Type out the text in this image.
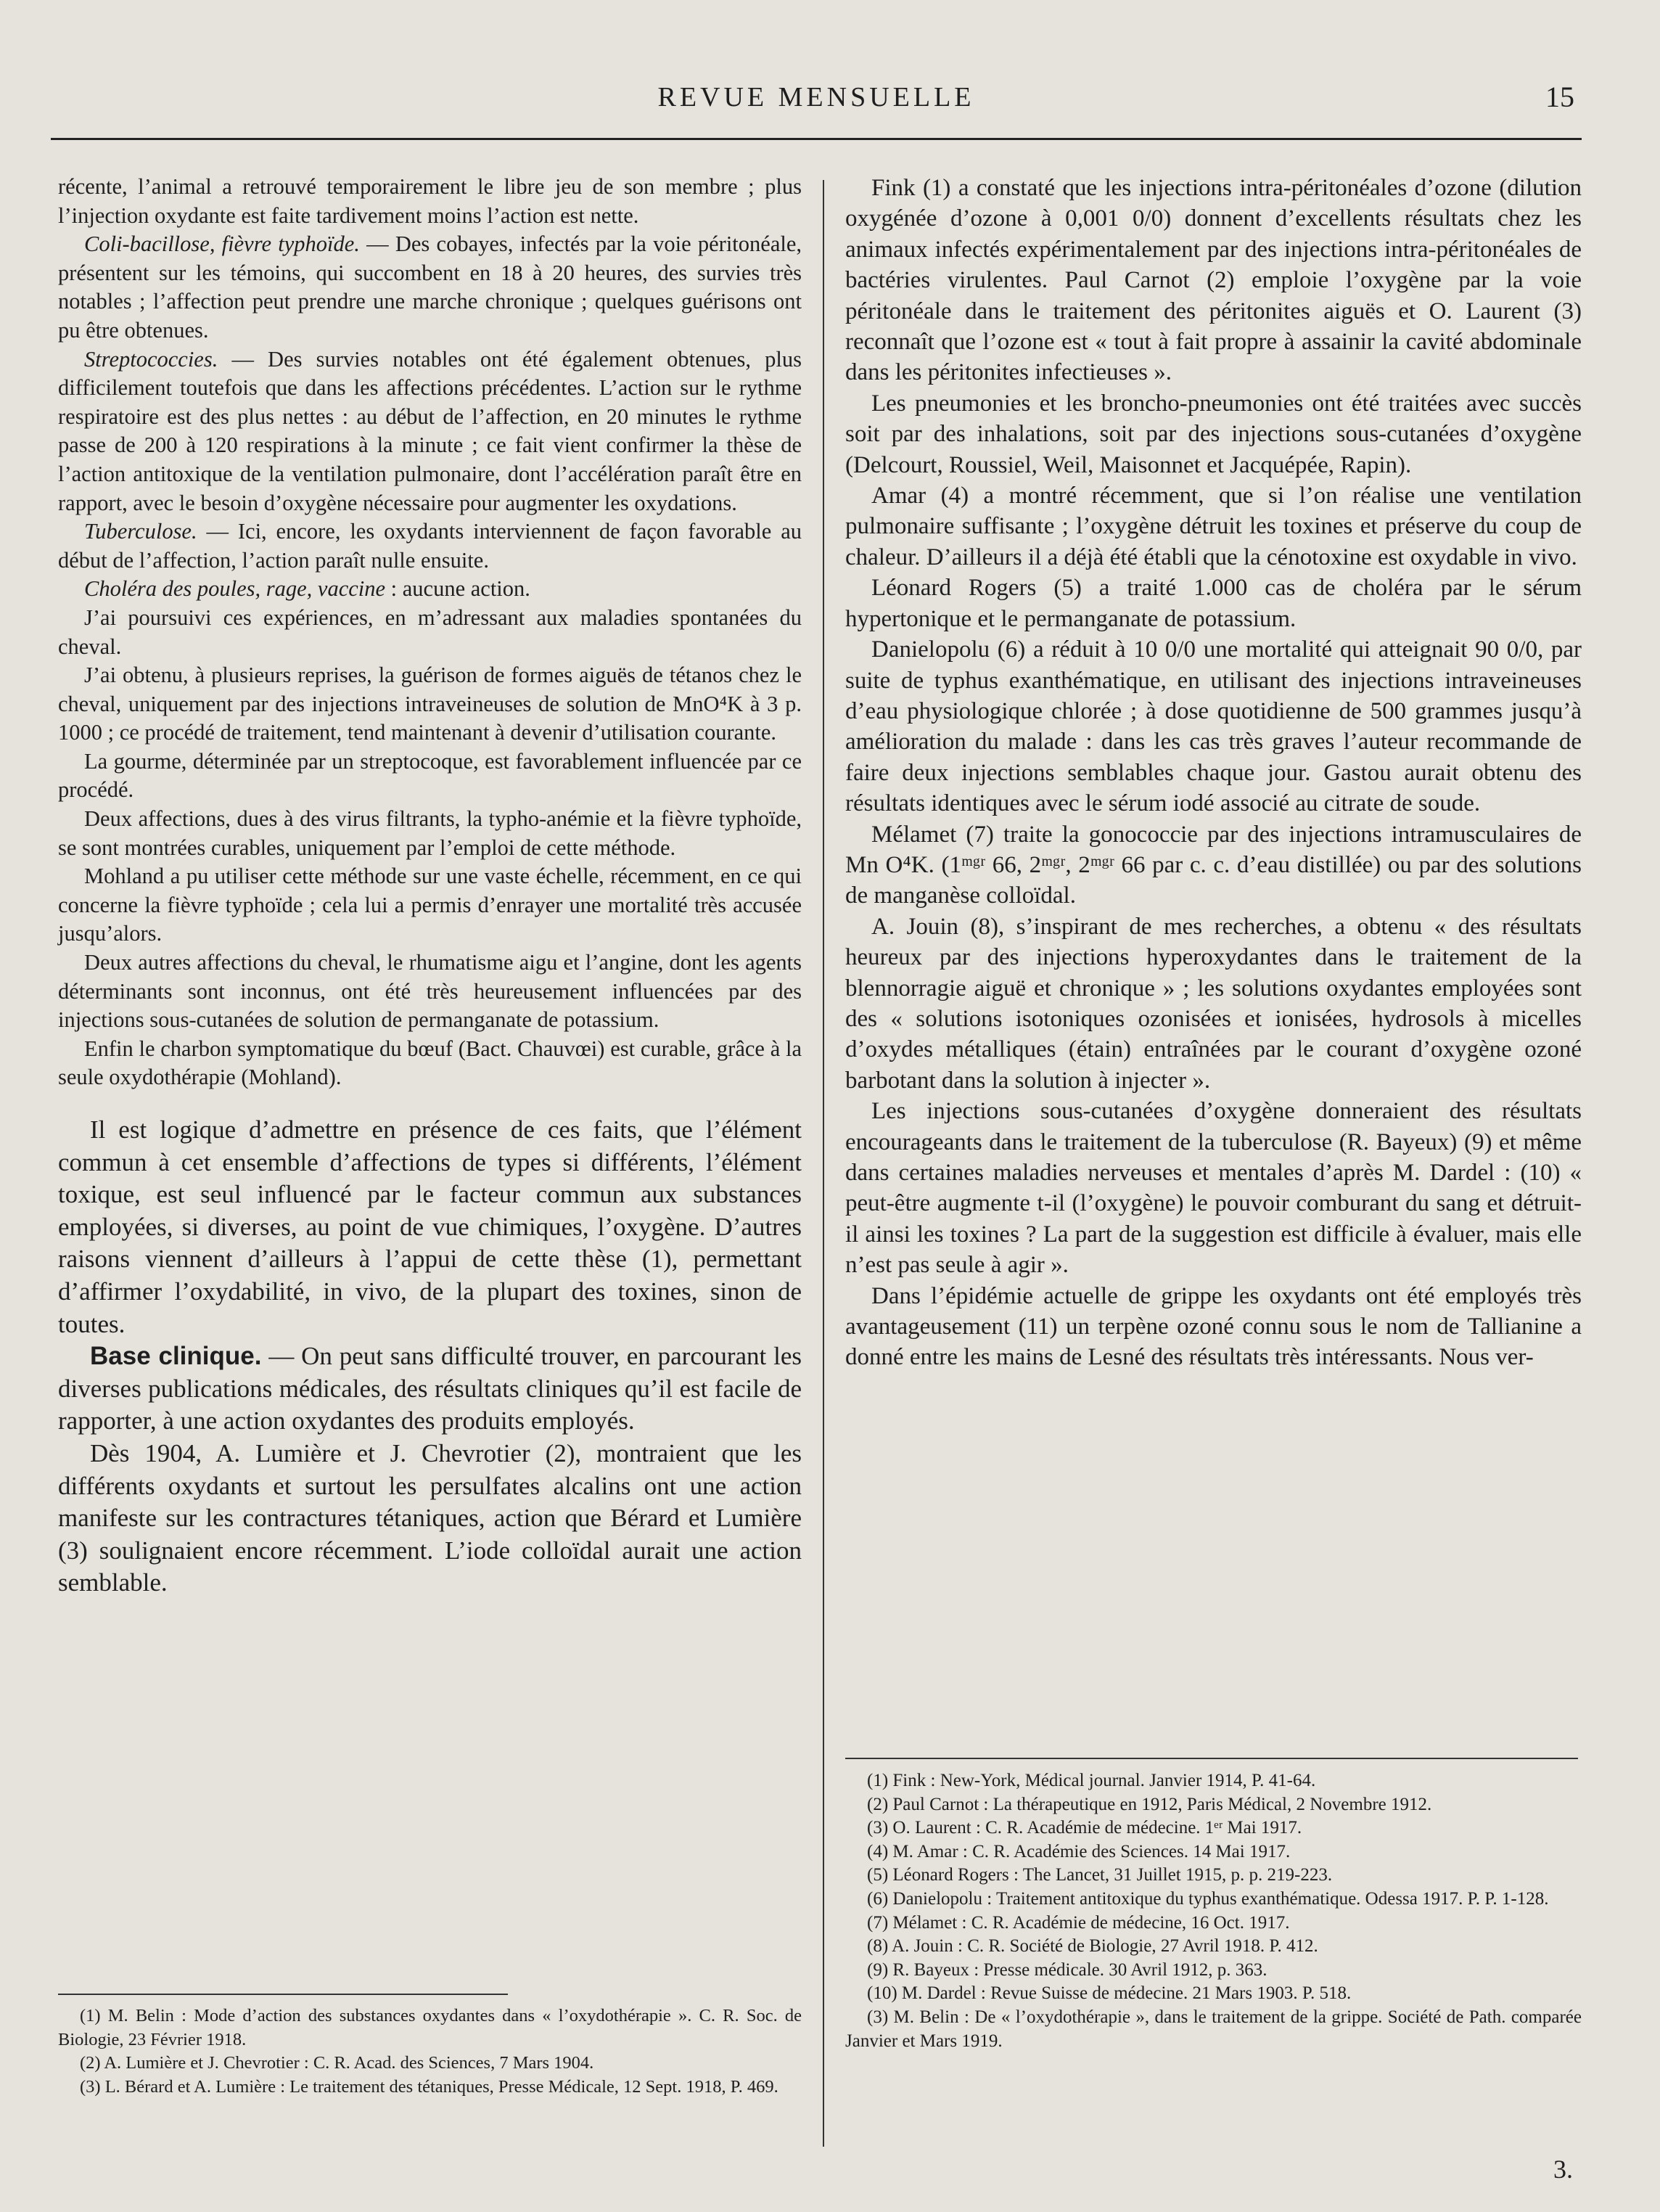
REVUE MENSUELLE	15

récente, l’animal a retrouvé temporairement le libre jeu de son membre ; plus l’injection oxydante est faite tardivement moins l’action est nette.

Coli-bacillose, fièvre typhoïde. — Des cobayes, infectés par la voie péritonéale, présentent sur les témoins, qui succombent en 18 à 20 heures, des survies très notables ; l’affection peut prendre une marche chronique ; quelques guérisons ont pu être obtenues.

Streptococcies. — Des survies notables ont été également obtenues, plus difficilement toutefois que dans les affections précédentes. L’action sur le rythme respiratoire est des plus nettes : au début de l’affection, en 20 minutes le rythme passe de 200 à 120 respirations à la minute ; ce fait vient confirmer la thèse de l’action antitoxique de la ventilation pulmonaire, dont l’accélération paraît être en rapport, avec le besoin d’oxygène nécessaire pour augmenter les oxydations.

Tuberculose. — Ici, encore, les oxydants interviennent de façon favorable au début de l’affection, l’action paraît nulle ensuite.

Choléra des poules, rage, vaccine : aucune action.

J’ai poursuivi ces expériences, en m’adressant aux maladies spontanées du cheval.

J’ai obtenu, à plusieurs reprises, la guérison de formes aiguës de tétanos chez le cheval, uniquement par des injections intraveineuses de solution de MnO⁴K à 3 p. 1000 ; ce procédé de traitement, tend maintenant à devenir d’utilisation courante.

La gourme, déterminée par un streptocoque, est favorablement influencée par ce procédé.

Deux affections, dues à des virus filtrants, la typho-anémie et la fièvre typhoïde, se sont montrées curables, uniquement par l’emploi de cette méthode.

Mohland a pu utiliser cette méthode sur une vaste échelle, récemment, en ce qui concerne la fièvre typhoïde ; cela lui a permis d’enrayer une mortalité très accusée jusqu’alors.

Deux autres affections du cheval, le rhumatisme aigu et l’angine, dont les agents déterminants sont inconnus, ont été très heureusement influencées par des injections sous-cutanées de solution de permanganate de potassium.

Enfin le charbon symptomatique du bœuf (Bact. Chauvœi) est curable, grâce à la seule oxydothérapie (Mohland).

Il est logique d’admettre en présence de ces faits, que l’élément commun à cet ensemble d’affections de types si différents, l’élément toxique, est seul influencé par le facteur commun aux substances employées, si diverses, au point de vue chimiques, l’oxygène. D’autres raisons viennent d’ailleurs à l’appui de cette thèse (1), permettant d’affirmer l’oxydabilité, in vivo, de la plupart des toxines, sinon de toutes.

Base clinique. — On peut sans difficulté trouver, en parcourant les diverses publications médicales, des résultats cliniques qu’il est facile de rapporter, à une action oxydantes des produits employés.

Dès 1904, A. Lumière et J. Chevrotier (2), montraient que les différents oxydants et surtout les persulfates alcalins ont une action manifeste sur les contractures tétaniques, action que Bérard et Lumière (3) soulignaient encore récemment. L’iode colloïdal aurait une action semblable.

(1) M. Belin : Mode d’action des substances oxydantes dans « l’oxydothérapie ». C. R. Soc. de Biologie, 23 Février 1918.

(2) A. Lumière et J. Chevrotier : C. R. Acad. des Sciences, 7 Mars 1904.

(3) L. Bérard et A. Lumière : Le traitement des tétaniques, Presse Médicale, 12 Sept. 1918, P. 469.

Fink (1) a constaté que les injections intra-péritonéales d’ozone (dilution oxygénée d’ozone à 0,001 0/0) donnent d’excellents résultats chez les animaux infectés expérimentalement par des injections intra-péritonéales de bactéries virulentes. Paul Carnot (2) emploie l’oxygène par la voie péritonéale dans le traitement des péritonites aiguës et O. Laurent (3) reconnaît que l’ozone est « tout à fait propre à assainir la cavité abdominale dans les péritonites infectieuses ».

Les pneumonies et les broncho-pneumonies ont été traitées avec succès soit par des inhalations, soit par des injections sous-cutanées d’oxygène (Delcourt, Roussiel, Weil, Maisonnet et Jacquépée, Rapin).

Amar (4) a montré récemment, que si l’on réalise une ventilation pulmonaire suffisante ; l’oxygène détruit les toxines et préserve du coup de chaleur. D’ailleurs il a déjà été établi que la cénotoxine est oxydable in vivo.

Léonard Rogers (5) a traité 1.000 cas de choléra par le sérum hypertonique et le permanganate de potassium.

Danielopolu (6) a réduit à 10 0/0 une mortalité qui atteignait 90 0/0, par suite de typhus exanthématique, en utilisant des injections intraveineuses d’eau physiologique chlorée ; à dose quotidienne de 500 grammes jusqu’à amélioration du malade : dans les cas très graves l’auteur recommande de faire deux injections semblables chaque jour. Gastou aurait obtenu des résultats identiques avec le sérum iodé associé au citrate de soude.

Mélamet (7) traite la gonococcie par des injections intramusculaires de Mn O⁴K. (1ᵐᵍʳ 66, 2ᵐᵍʳ, 2ᵐᵍʳ 66 par c. c. d’eau distillée) ou par des solutions de manganèse colloïdal.

A. Jouin (8), s’inspirant de mes recherches, a obtenu « des résultats heureux par des injections hyperoxydantes dans le traitement de la blennorragie aiguë et chronique » ; les solutions oxydantes employées sont des « solutions isotoniques ozonisées et ionisées, hydrosols à micelles d’oxydes métalliques (étain) entraînées par le courant d’oxygène ozoné barbotant dans la solution à injecter ».

Les injections sous-cutanées d’oxygène donneraient des résultats encourageants dans le traitement de la tuberculose (R. Bayeux) (9) et même dans certaines maladies nerveuses et mentales d’après M. Dardel : (10) « peut-être augmente t-il (l’oxygène) le pouvoir comburant du sang et détruit-il ainsi les toxines ? La part de la suggestion est difficile à évaluer, mais elle n’est pas seule à agir ».

Dans l’épidémie actuelle de grippe les oxydants ont été employés très avantageusement (11) un terpène ozoné connu sous le nom de Tallianine a donné entre les mains de Lesné des résultats très intéressants. Nous ver-

(1) Fink : New-York, Médical journal. Janvier 1914, P. 41-64.

(2) Paul Carnot : La thérapeutique en 1912, Paris Médical, 2 Novembre 1912.

(3) O. Laurent : C. R. Académie de médecine. 1ᵉʳ Mai 1917.

(4) M. Amar : C. R. Académie des Sciences. 14 Mai 1917.

(5) Léonard Rogers : The Lancet, 31 Juillet 1915, p. p. 219-223.

(6) Danielopolu : Traitement antitoxique du typhus exanthématique. Odessa 1917. P. P. 1-128.

(7) Mélamet : C. R. Académie de médecine, 16 Oct. 1917.

(8) A. Jouin : C. R. Société de Biologie, 27 Avril 1918. P. 412.

(9) R. Bayeux : Presse médicale. 30 Avril 1912, p. 363.

(10) M. Dardel : Revue Suisse de médecine. 21 Mars 1903. P. 518.

(3) M. Belin : De « l’oxydothérapie », dans le traitement de la grippe. Société de Path. comparée Janvier et Mars 1919.

3.
